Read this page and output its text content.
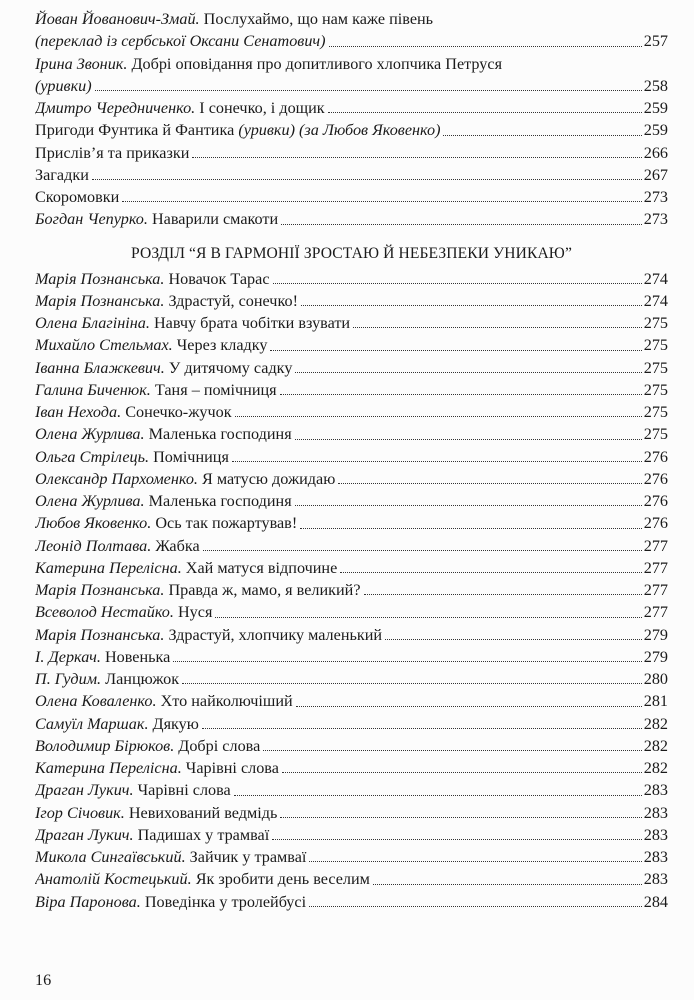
Йован Йованович-Змай. Послухаймо, що нам каже півень
(переклад із сербської Оксани Сенатович)	257
Ірина Звоник. Добрі оповідання про допитливого хлопчика Петруся
(уривки)	258
Дмитро Чередниченко. І сонечко, і дощик	259
Пригоди Фунтика й Фантика (уривки) (за Любов Яковенко)	259
Прислів’я та приказки	266
Загадки	267
Скоромовки	273
Богдан Чепурко. Наварили смакоти	273
РОЗДІЛ “Я В ГАРМОНІЇ ЗРОСТАЮ Й НЕБЕЗПЕКИ УНИКАЮ”
Марія Познанська. Новачок Тарас	274
Марія Познанська. Здрастуй, сонечко!	274
Олена Благініна. Навчу брата чобітки взувати	275
Михайло Стельмах. Через кладку	275
Іванна Блажкевич. У дитячому садку	275
Галина Биченюк. Таня – помічниця	275
Іван Нехода. Сонечко-жучок	275
Олена Журлива. Маленька господиня	275
Ольга Стрілець. Помічниця	276
Олександр Пархоменко. Я матусю дожидаю	276
Олена Журлива. Маленька господиня	276
Любов Яковенко. Ось так пожартував!	276
Леонід Полтава. Жабка	277
Катерина Перелісна. Хай матуся відпочине	277
Марія Познанська. Правда ж, мамо, я великий?	277
Всеволод Нестайко. Нуся	277
Марія Познанська. Здрастуй, хлопчику маленький	279
І. Деркач. Новенька	279
П. Гудим. Ланцюжок	280
Олена Коваленко. Хто найколючіший	281
Самуїл Маршак. Дякую	282
Володимир Бірюков. Добрі слова	282
Катерина Перелісна. Чарівні слова	282
Драган Лукич. Чарівні слова	283
Ігор Січовик. Невихований ведмідь	283
Драган Лукич. Падишах у трамваї	283
Микола Сингаївський. Зайчик у трамваї	283
Анатолій Костецький. Як зробити день веселим	283
Віра Паронова. Поведінка у тролейбусі	284
16
